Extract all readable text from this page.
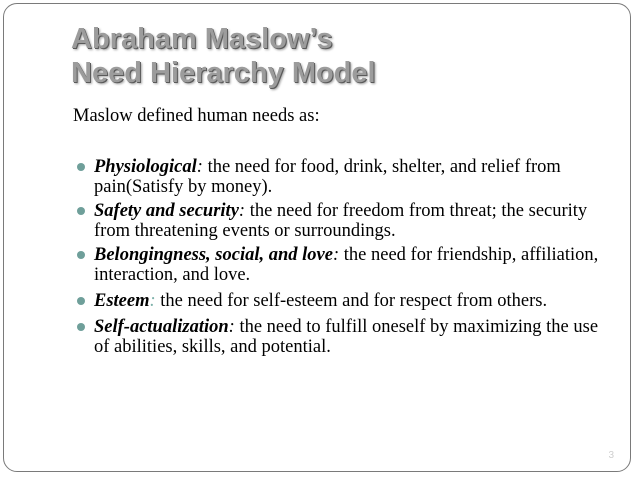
Abraham Maslow’s
Need Hierarchy Model

Maslow defined human needs as:

Physiological: the need for food, drink, shelter, and relief from pain(Satisfy by money).
Safety and security: the need for freedom from threat; the security from threatening events or surroundings.
Belongingness, social, and love: the need for friendship, affiliation, interaction, and love.
Esteem: the need for self-esteem and for respect from others.
Self-actualization: the need to fulfill oneself by maximizing the use of abilities, skills, and potential.
3
